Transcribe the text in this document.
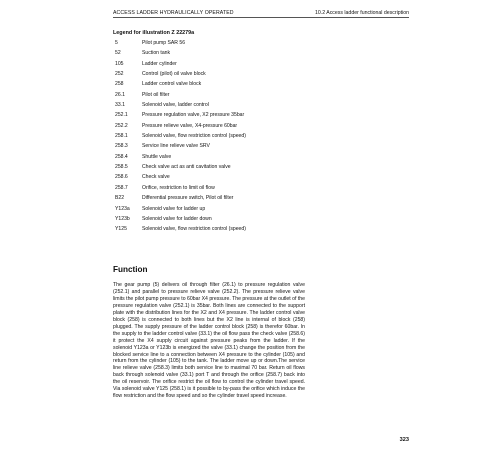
ACCESS LADDER HYDRAULICALLY OPERATED	10.2 Access ladder functional description
Legend for illustration Z 22279a
5	Pilot pump SAR 56
52	Suction tank
105	Ladder cylinder
252	Control (pilot) oil valve block
258	Ladder control valve block
26.1	Pilot oil filter
33.1	Solenoid valve, ladder control
252.1	Pressure regulation valve, X2 pressure 35bar
252.2	Pressure relieve valve, X4-pressure 60bar
258.1	Solenoid valve, flow restriction control (speed)
258.3	Service line relieve valve SRV
258.4	Shuttle valve
258.5	Check valve act as anti cavitation valve
258.6	Check valve
258.7	Orifice, restriction to limit oil flow
B22	Differential pressure switch, Pilot oil filter
Y123a	Solenoid valve for ladder up
Y123b	Solenoid valve for ladder down
Y125	Solenoid valve, flow restriction control (speed)
Function

The gear pump (5) delivers oil through filter (26.1) to pressure regulation valve (252.1) and parallel to pressure relieve valve (252.2). The pressure relieve valve limits the pilot pump pressure to 60bar X4 pressure. The pressure at the outlet of the pressure regulation valve (252.1) is 35bar. Both lines are connected to the support plate with the distribution lines for the X2 and X4 pressure. The ladder control valve block (258) is connected to both lines but the X2 line is internal of block (258) plugged. The supply pressure of the ladder control block (258) is therefor 60bar. In the supply to the ladder control valve (33.1) the oil flow pass the check valve (258.6) it protect the X4 supply circuit against pressure peaks from the ladder. If the solenoid Y123a or Y123b is energized the valve (33.1) change the position from the blocked service line to a connection between X4 pressure to the cylinder (105) and return from the cylinder (105) to the tank. The ladder move up or down.The service line relieve valve (258.3) limits both service line to maximal 70 bar. Return oil flows back through solenoid valve (33.1) port T and through the orifice (258.7) back into the oil reservoir. The orifice restrict the oil flow to control the cylinder travel speed. Via solenoid valve Y125 (258.1) is it possible to by-pass the orifice which induce the flow restriction and the flow speed and so the cylinder travel speed increase.

323
